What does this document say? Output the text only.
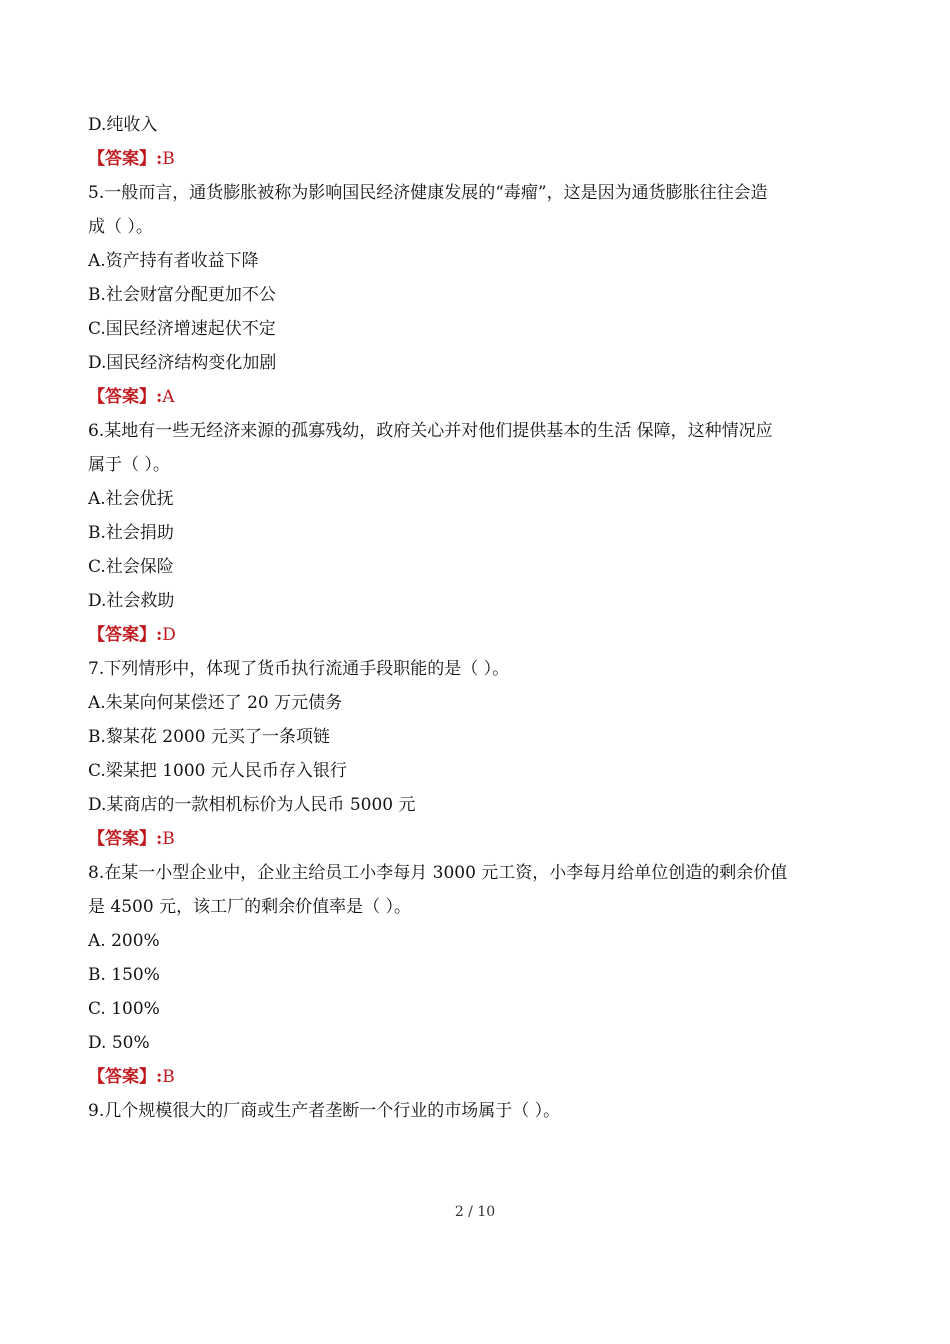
D.纯收入
【答案】:B
5.一般而言，通货膨胀被称为影响国民经济健康发展的“毒瘤”，这是因为通货膨胀往往会造
成（ ）。
A.资产持有者收益下降
B.社会财富分配更加不公
C.国民经济增速起伏不定
D.国民经济结构变化加剧
【答案】:A
6.某地有一些无经济来源的孤寡残幼，政府关心并对他们提供基本的生活 保障，这种情况应
属于（ ）。
A.社会优抚
B.社会捐助
C.社会保险
D.社会救助
【答案】:D
7.下列情形中，体现了货币执行流通手段职能的是（ ）。
A.朱某向何某偿还了 20 万元债务
B.黎某花 2000 元买了一条项链
C.梁某把 1000 元人民币存入银行
D.某商店的一款相机标价为人民币 5000 元
【答案】:B
8.在某一小型企业中，企业主给员工小李每月 3000 元工资，小李每月给单位创造的剩余价值
是 4500 元，该工厂的剩余价值率是（ ）。
A. 200%
B. 150%
C. 100%
D. 50%
【答案】:B
9.几个规模很大的厂商或生产者垄断一个行业的市场属于（ ）。
2 / 10
